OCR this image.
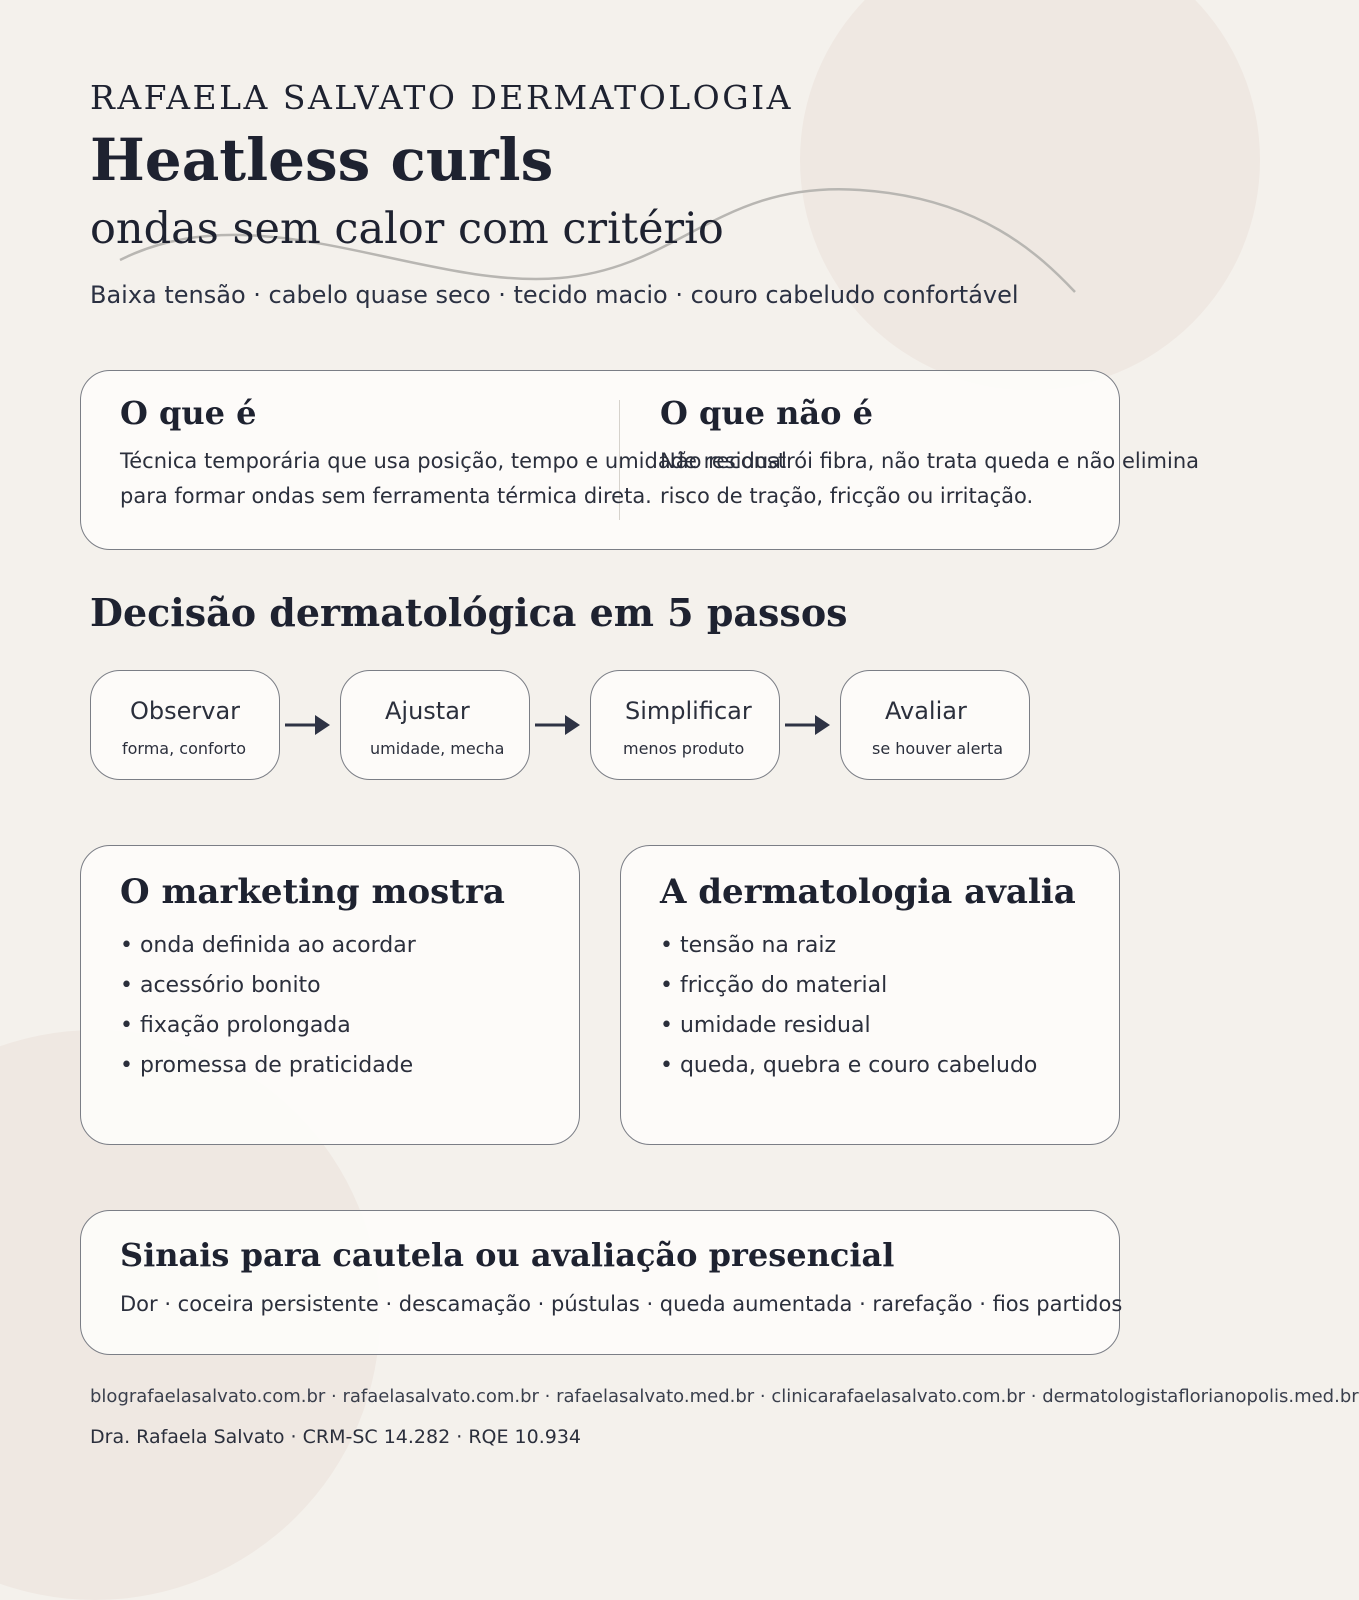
RAFAELA SALVATO DERMATOLOGIA
Heatless curls
ondas sem calor com critério
Baixa tensão · cabelo quase seco · tecido macio · couro cabeludo confortável
O que é
Técnica temporária que usa posição, tempo e umidade residual
para formar ondas sem ferramenta térmica direta.
O que não é
Não reconstrói fibra, não trata queda e não elimina
risco de tração, fricção ou irritação.
Decisão dermatológica em 5 passos
Observar
forma, conforto
Ajustar
umidade, mecha
Simplificar
menos produto
Avaliar
se houver alerta
O marketing mostra
• onda definida ao acordar
• acessório bonito
• fixação prolongada
• promessa de praticidade
A dermatologia avalia
• tensão na raiz
• fricção do material
• umidade residual
• queda, quebra e couro cabeludo
Sinais para cautela ou avaliação presencial
Dor · coceira persistente · descamação · pústulas · queda aumentada · rarefação · fios partidos
blografaelasalvato.com.br · rafaelasalvato.com.br · rafaelasalvato.med.br · clinicarafaelasalvato.com.br · dermatologistaflorianopolis.med.br
Dra. Rafaela Salvato · CRM-SC 14.282 · RQE 10.934
